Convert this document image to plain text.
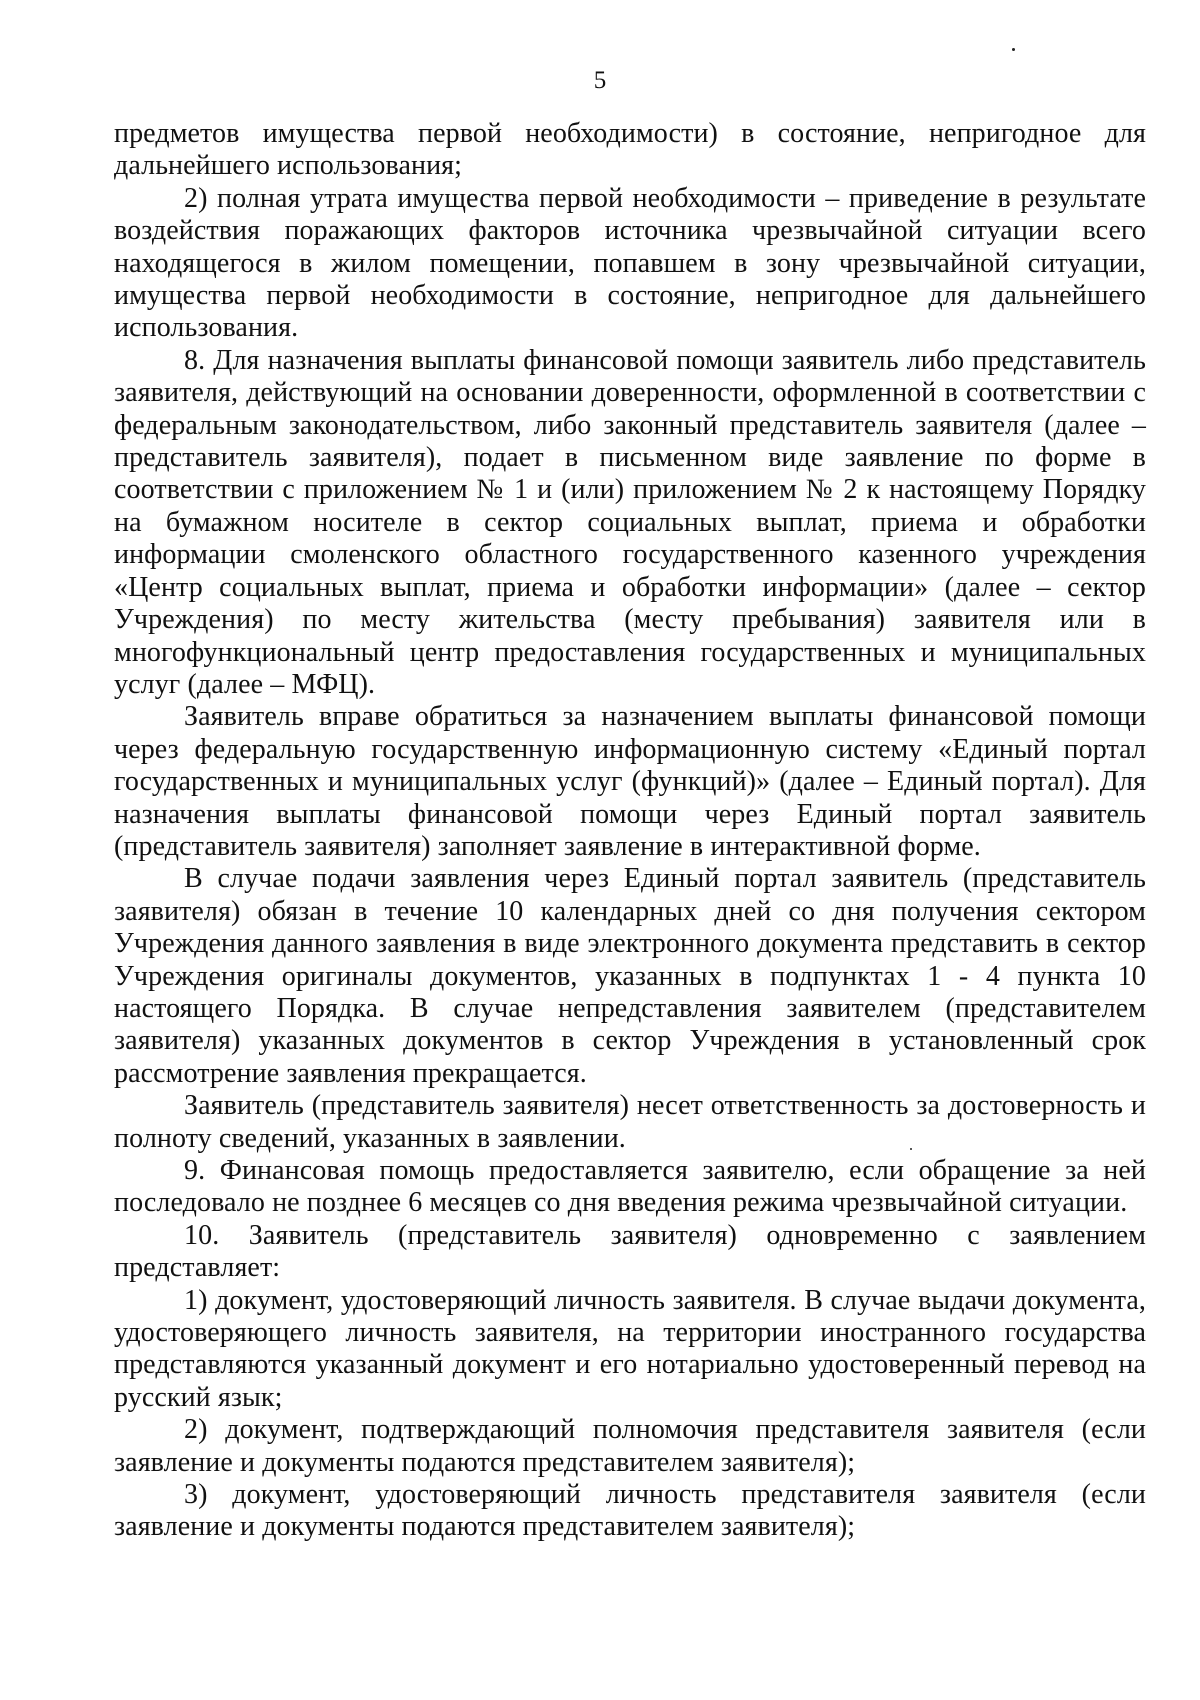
5

предметов имущества первой необходимости) в состояние, непригодное для дальнейшего использования;

2) полная утрата имущества первой необходимости – приведение в результате воздействия поражающих факторов источника чрезвычайной ситуации всего находящегося в жилом помещении, попавшем в зону чрезвычайной ситуации, имущества первой необходимости в состояние, непригодное для дальнейшего использования.

8. Для назначения выплаты финансовой помощи заявитель либо представитель заявителя, действующий на основании доверенности, оформленной в соответствии с федеральным законодательством, либо законный представитель заявителя (далее – представитель заявителя), подает в письменном виде заявление по форме в соответствии с приложением № 1 и (или) приложением № 2 к настоящему Порядку на бумажном носителе в сектор социальных выплат, приема и обработки информации смоленского областного государственного казенного учреждения «Центр социальных выплат, приема и обработки информации» (далее – сектор Учреждения) по месту жительства (месту пребывания) заявителя или в многофункциональный центр предоставления государственных и муниципальных услуг (далее – МФЦ).

Заявитель вправе обратиться за назначением выплаты финансовой помощи через федеральную государственную информационную систему «Единый портал государственных и муниципальных услуг (функций)» (далее – Единый портал). Для назначения выплаты финансовой помощи через Единый портал заявитель (представитель заявителя) заполняет заявление в интерактивной форме.

В случае подачи заявления через Единый портал заявитель (представитель заявителя) обязан в течение 10 календарных дней со дня получения сектором Учреждения данного заявления в виде электронного документа представить в сектор Учреждения оригиналы документов, указанных в подпунктах 1 - 4 пункта 10 настоящего Порядка. В случае непредставления заявителем (представителем заявителя) указанных документов в сектор Учреждения в установленный срок рассмотрение заявления прекращается.

Заявитель (представитель заявителя) несет ответственность за достоверность и полноту сведений, указанных в заявлении.

9. Финансовая помощь предоставляется заявителю, если обращение за ней последовало не позднее 6 месяцев со дня введения режима чрезвычайной ситуации.

10. Заявитель (представитель заявителя) одновременно с заявлением представляет:

1) документ, удостоверяющий личность заявителя. В случае выдачи документа, удостоверяющего личность заявителя, на территории иностранного государства представляются указанный документ и его нотариально удостоверенный перевод на русский язык;

2) документ, подтверждающий полномочия представителя заявителя (если заявление и документы подаются представителем заявителя);

3) документ, удостоверяющий личность представителя заявителя (если заявление и документы подаются представителем заявителя);
